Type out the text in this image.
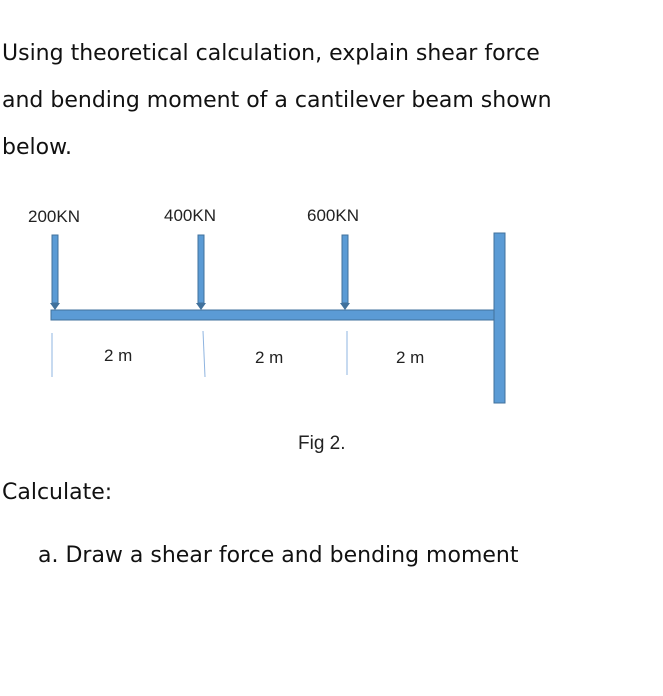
Using theoretical calculation, explain shear force
and bending moment of a cantilever beam shown
below.
200KN	400KN	600KN
2 m	2 m	2 m
Fig 2.
Calculate:
a. Draw a shear force and bending moment
